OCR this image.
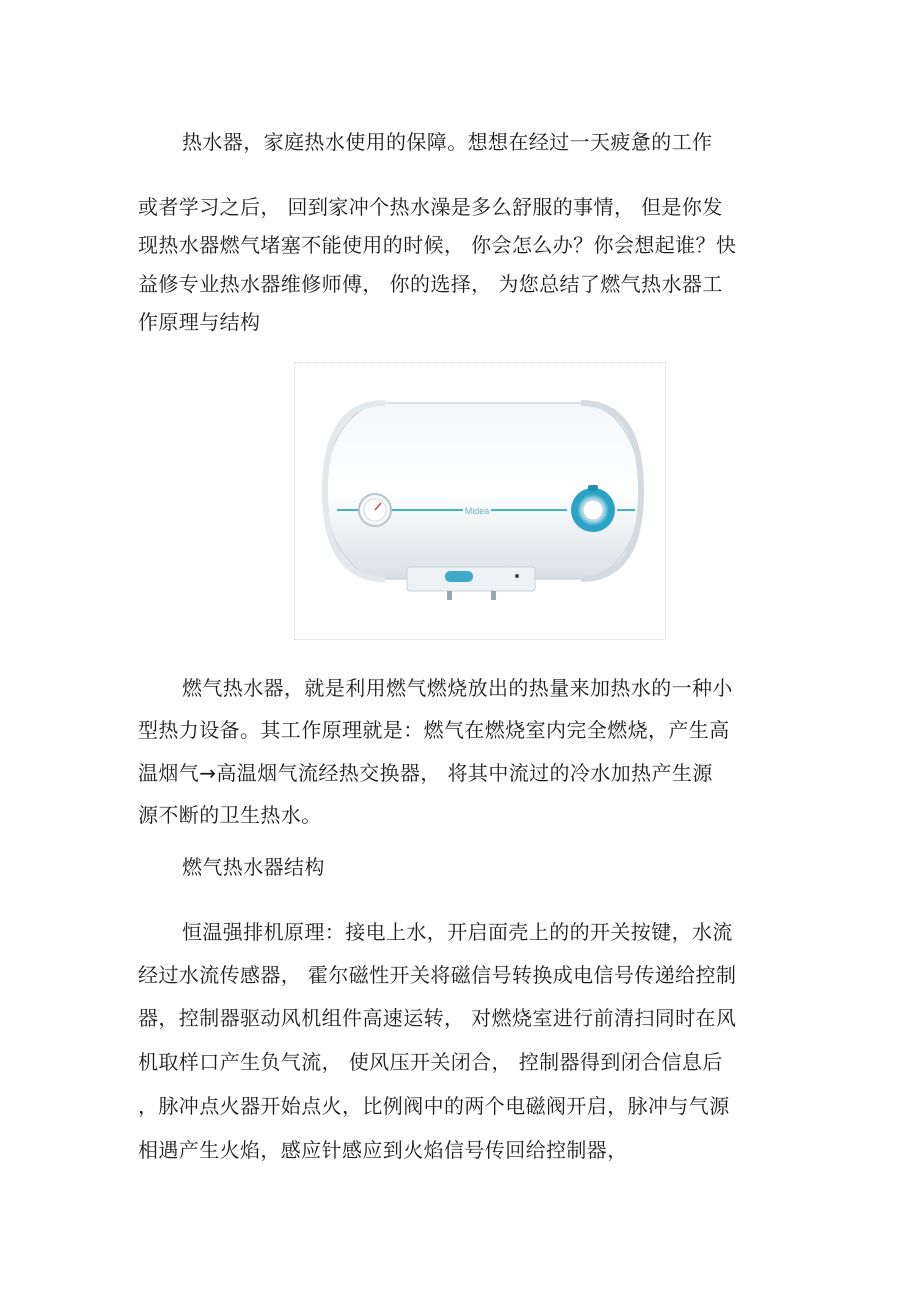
热水器，家庭热水使用的保障。想想在经过一天疲惫的工作
或者学习之后， 回到家冲个热水澡是多么舒服的事情， 但是你发
现热水器燃气堵塞不能使用的时候， 你会怎么办？你会想起谁？快
益修专业热水器维修师傅， 你的选择， 为您总结了燃气热水器工
作原理与结构
Midea
燃气热水器，就是利用燃气燃烧放出的热量来加热水的一种小
型热力设备。其工作原理就是：燃气在燃烧室内完全燃烧，产生高
温烟气→高温烟气流经热交换器， 将其中流过的冷水加热产生源
源不断的卫生热水。
燃气热水器结构
恒温强排机原理：接电上水，开启面壳上的的开关按键，水流
经过水流传感器， 霍尔磁性开关将磁信号转换成电信号传递给控制
器，控制器驱动风机组件高速运转， 对燃烧室进行前清扫同时在风
机取样口产生负气流， 使风压开关闭合， 控制器得到闭合信息后
，脉冲点火器开始点火，比例阀中的两个电磁阀开启，脉冲与气源
相遇产生火焰，感应针感应到火焰信号传回给控制器，
